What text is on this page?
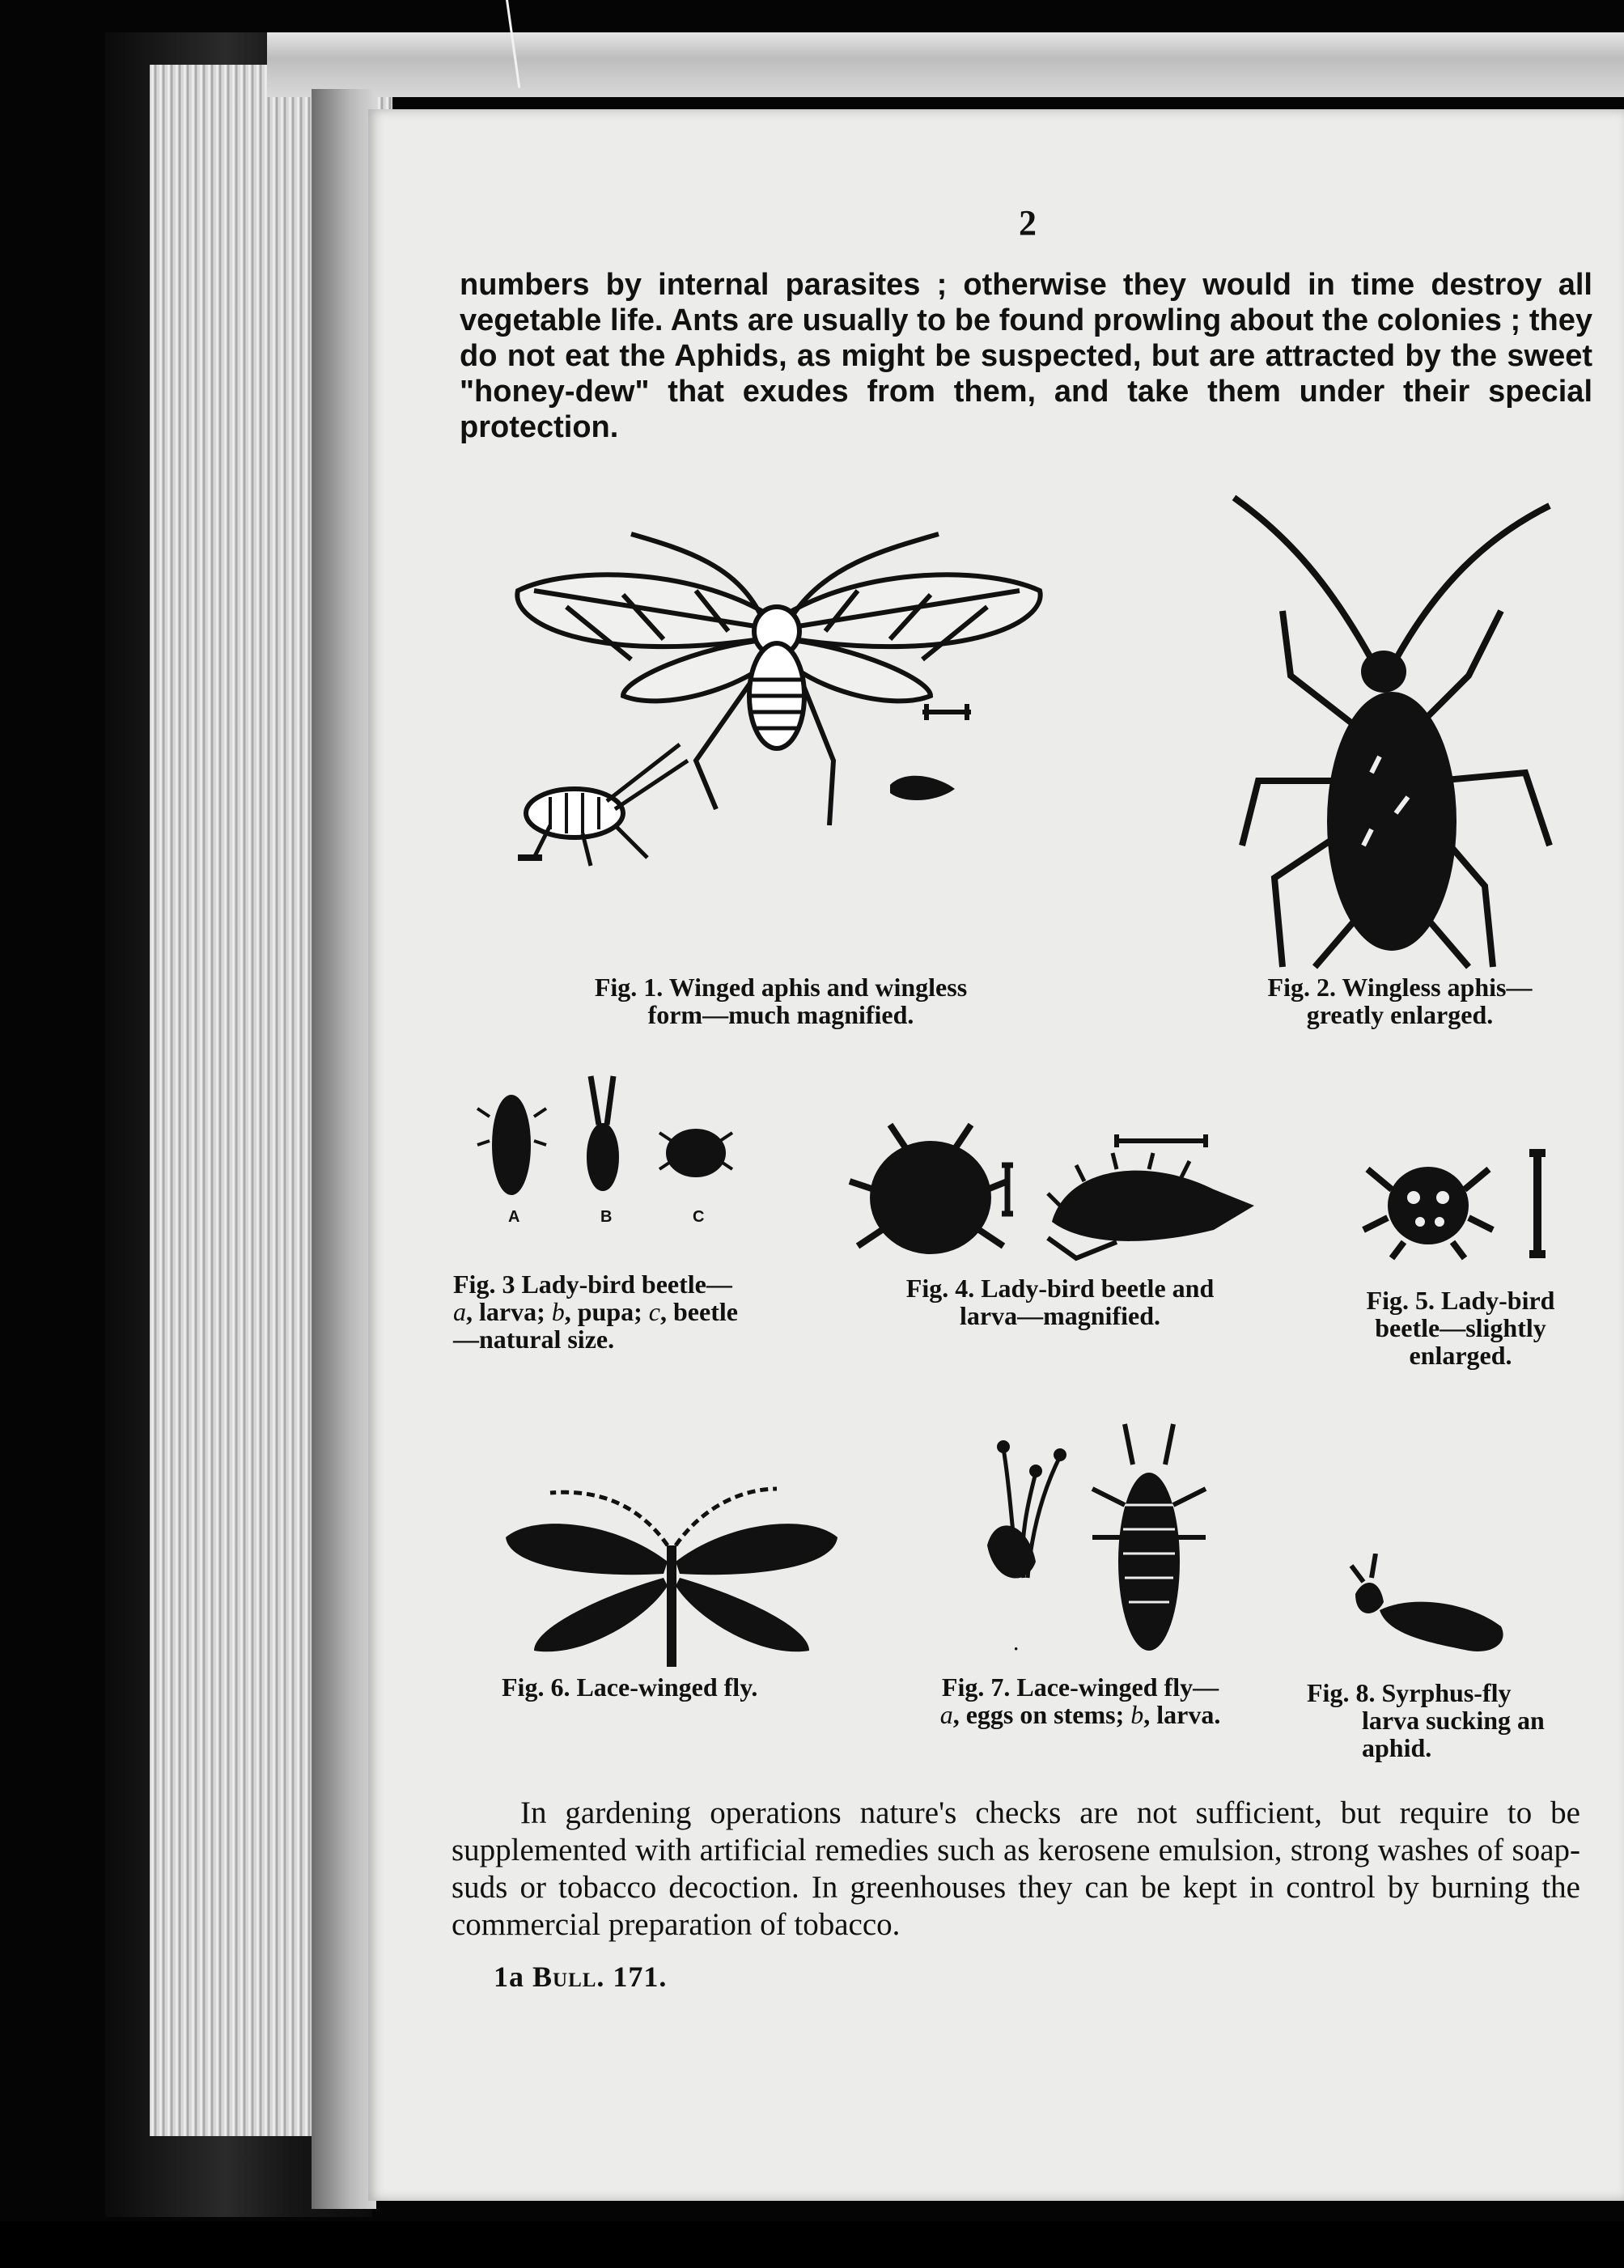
2
numbers by internal parasites ; otherwise they would in time destroy all vegetable life. Ants are usually to be found prowling about the colonies ; they do not eat the Aphids, as might be suspected, but are attracted by the sweet "honey-dew" that exudes from them, and take them under their special protection.
Fig. 1. Winged aphis and wingless
form—much magnified.
Fig. 2. Wingless aphis—
greatly enlarged.
A	B	C
Fig. 3 Lady-bird beetle—
a, larva; b, pupa; c, beetle
—natural size.
Fig. 4. Lady-bird beetle and
larva—magnified.
Fig. 5. Lady-bird
beetle—slightly
enlarged.
Fig. 6. Lace-winged fly.
·	·
Fig. 7. Lace-winged fly—
a, eggs on stems; b, larva.
Fig. 8. Syrphus-fly
larva sucking an
aphid.
In gardening operations nature's checks are not sufficient, but require to be supplemented with artificial remedies such as kerosene emulsion, strong washes of soap-suds or tobacco decoction. In greenhouses they can be kept in control by burning the commercial preparation of tobacco.
1a Bull. 171.
